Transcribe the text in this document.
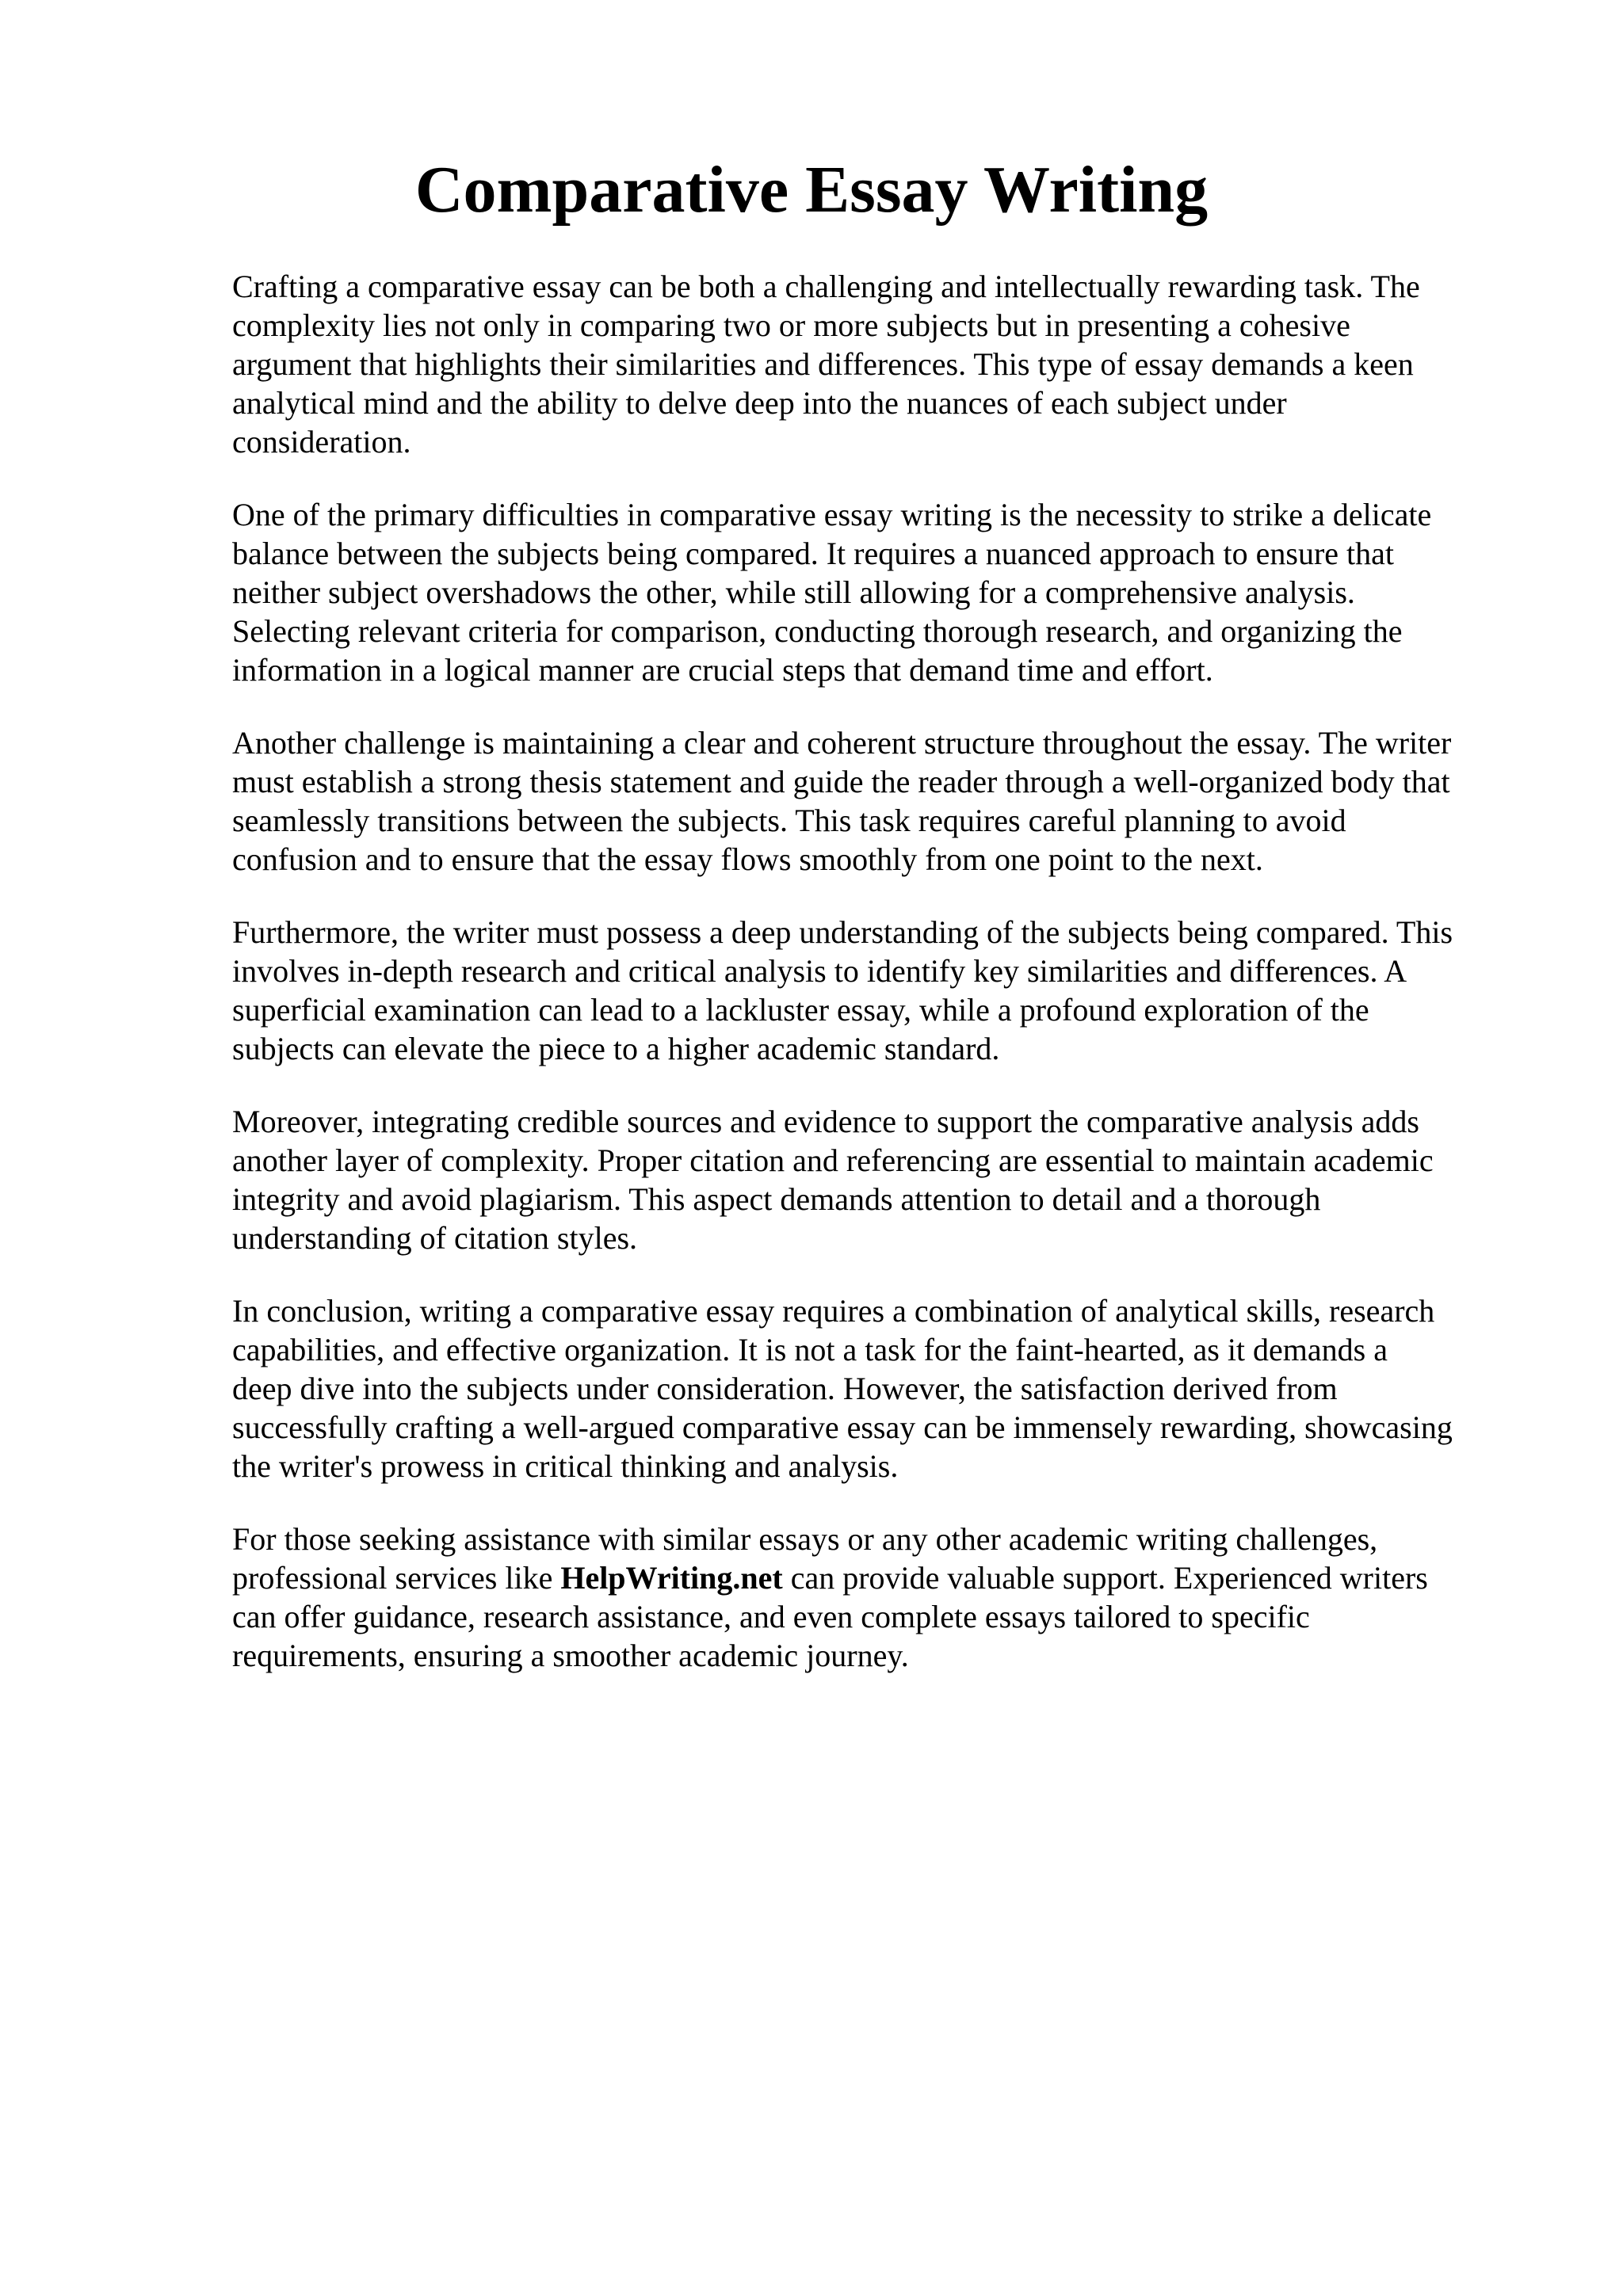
Comparative Essay Writing

Crafting a comparative essay can be both a challenging and intellectually rewarding task. The
complexity lies not only in comparing two or more subjects but in presenting a cohesive
argument that highlights their similarities and differences. This type of essay demands a keen
analytical mind and the ability to delve deep into the nuances of each subject under
consideration.

One of the primary difficulties in comparative essay writing is the necessity to strike a delicate
balance between the subjects being compared. It requires a nuanced approach to ensure that
neither subject overshadows the other, while still allowing for a comprehensive analysis.
Selecting relevant criteria for comparison, conducting thorough research, and organizing the
information in a logical manner are crucial steps that demand time and effort.

Another challenge is maintaining a clear and coherent structure throughout the essay. The writer
must establish a strong thesis statement and guide the reader through a well-organized body that
seamlessly transitions between the subjects. This task requires careful planning to avoid
confusion and to ensure that the essay flows smoothly from one point to the next.

Furthermore, the writer must possess a deep understanding of the subjects being compared. This
involves in-depth research and critical analysis to identify key similarities and differences. A
superficial examination can lead to a lackluster essay, while a profound exploration of the
subjects can elevate the piece to a higher academic standard.

Moreover, integrating credible sources and evidence to support the comparative analysis adds
another layer of complexity. Proper citation and referencing are essential to maintain academic
integrity and avoid plagiarism. This aspect demands attention to detail and a thorough
understanding of citation styles.

In conclusion, writing a comparative essay requires a combination of analytical skills, research
capabilities, and effective organization. It is not a task for the faint-hearted, as it demands a
deep dive into the subjects under consideration. However, the satisfaction derived from
successfully crafting a well-argued comparative essay can be immensely rewarding, showcasing
the writer's prowess in critical thinking and analysis.

For those seeking assistance with similar essays or any other academic writing challenges,
professional services like HelpWriting.net can provide valuable support. Experienced writers
can offer guidance, research assistance, and even complete essays tailored to specific
requirements, ensuring a smoother academic journey.
